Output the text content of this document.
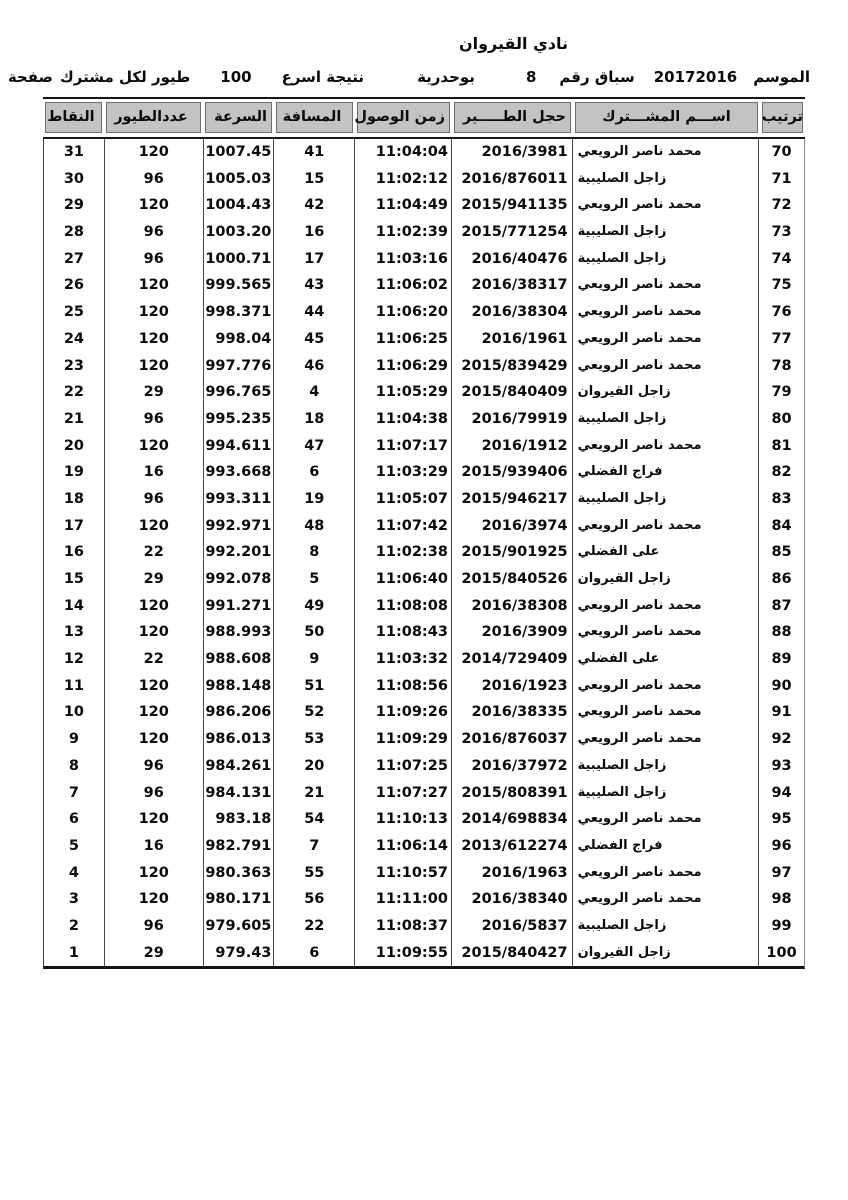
نادي القيروان
الموسم
20172016
سباق رقم
8
بوحدرية
نتيجة اسرع
100
طيور لكل مشترك
صفحة
النقاط	عددالطيور	السرعة	المسافة زمن الوصول	حجل الطـــــير	اســـم المشـــترك	ترتيب
31	120	1007.45	41	11:04:04	2016/3981 محمد ناصر الرويعي	70
30	96	1005.03	15	11:02:12 2016/876011 زاجل الصليبية	71
29	120	1004.43	42	11:04:49 2015/941135 محمد ناصر الرويعي	72
28	96	1003.20	16	11:02:39 2015/771254 زاجل الصليبية	73
27	96	1000.71	17	11:03:16	2016/40476 زاجل الصليبية	74
26	120	999.565	43	11:06:02	2016/38317 محمد ناصر الرويعي	75
25	120	998.371	44	11:06:20	2016/38304 محمد ناصر الرويعي	76
24	120	998.04	45	11:06:25	2016/1961 محمد ناصر الرويعي	77
23	120	997.776	46	11:06:29 2015/839429 محمد ناصر الرويعي	78
22	29	996.765	4	11:05:29 2015/840409 زاجل القيروان	79
21	96	995.235	18	11:04:38	2016/79919 زاجل الصليبية	80
20	120	994.611	47	11:07:17	2016/1912 محمد ناصر الرويعي	81
19	16	993.668	6	11:03:29 2015/939406 فراج الفضلي	82
18	96	993.311	19	11:05:07 2015/946217 زاجل الصليبية	83
17	120	992.971	48	11:07:42	2016/3974 محمد ناصر الرويعي	84
16	22	992.201	8	11:02:38 2015/901925 على الفضلي	85
15	29	992.078	5	11:06:40 2015/840526 زاجل القيروان	86
14	120	991.271	49	11:08:08	2016/38308 محمد ناصر الرويعي	87
13	120	988.993	50	11:08:43	2016/3909 محمد ناصر الرويعي	88
12	22	988.608	9	11:03:32 2014/729409 على الفضلي	89
11	120	988.148	51	11:08:56	2016/1923 محمد ناصر الرويعي	90
10	120	986.206	52	11:09:26	2016/38335 محمد ناصر الرويعي	91
9	120	986.013	53	11:09:29 2016/876037 محمد ناصر الرويعي	92
8	96	984.261	20	11:07:25	2016/37972 زاجل الصليبية	93
7	96	984.131	21	11:07:27 2015/808391 زاجل الصليبية	94
6	120	983.18	54	11:10:13 2014/698834 محمد ناصر الرويعي	95
5	16	982.791	7	11:06:14 2013/612274 فراج الفضلي	96
4	120	980.363	55	11:10:57	2016/1963 محمد ناصر الرويعي	97
3	120	980.171	56	11:11:00	2016/38340 محمد ناصر الرويعي	98
2	96	979.605	22	11:08:37	2016/5837 زاجل الصليبية	99
1	29	979.43	6	11:09:55 2015/840427 زاجل القيروان	100
